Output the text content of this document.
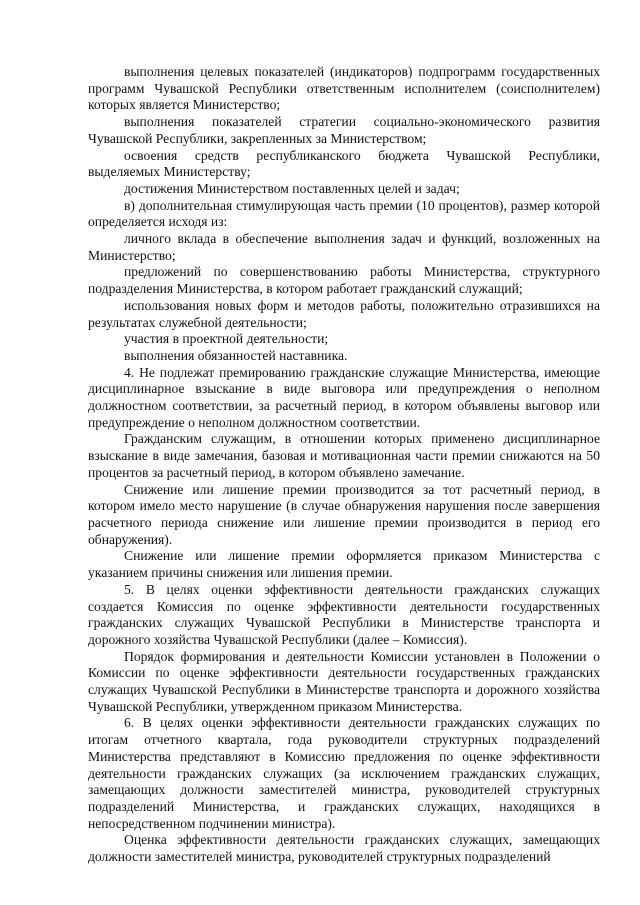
выполнения целевых показателей (индикаторов) подпрограмм государственных программ Чувашской Республики ответственным исполнителем (соисполнителем) которых является Министерство;

выполнения показателей стратегии социально-экономического развития Чувашской Республики, закрепленных за Министерством;

освоения средств республиканского бюджета Чувашской Республики, выделяемых Министерству;

достижения Министерством поставленных целей и задач;

в) дополнительная стимулирующая часть премии (10 процентов), размер которой определяется исходя из:

личного вклада в обеспечение выполнения задач и функций, возложенных на Министерство;

предложений по совершенствованию работы Министерства, структурного подразделения Министерства, в котором работает гражданский служащий;

использования новых форм и методов работы, положительно отразившихся на результатах служебной деятельности;

участия в проектной деятельности;

выполнения обязанностей наставника.

4. Не подлежат премированию гражданские служащие Министерства, имеющие дисциплинарное взыскание в виде выговора или предупреждения о неполном должностном соответствии, за расчетный период, в котором объявлены выговор или предупреждение о неполном должностном соответствии.

Гражданским служащим, в отношении которых применено дисциплинарное взыскание в виде замечания, базовая и мотивационная части премии снижаются на 50 процентов за расчетный период, в котором объявлено замечание.

Снижение или лишение премии производится за тот расчетный период, в котором имело место нарушение (в случае обнаружения нарушения после завершения расчетного периода снижение или лишение премии производится в период его обнаружения).

Снижение или лишение премии оформляется приказом Министерства с указанием причины снижения или лишения премии.

5. В целях оценки эффективности деятельности гражданских служащих создается Комиссия по оценке эффективности деятельности государственных гражданских служащих Чувашской Республики в Министерстве транспорта и дорожного хозяйства Чувашской Республики (далее – Комиссия).

Порядок формирования и деятельности Комиссии установлен в Положении о Комиссии по оценке эффективности деятельности государственных гражданских служащих Чувашской Республики в Министерстве транспорта и дорожного хозяйства Чувашской Республики, утвержденном приказом Министерства.

6. В целях оценки эффективности деятельности гражданских служащих по итогам отчетного квартала, года руководители структурных подразделений Министерства представляют в Комиссию предложения по оценке эффективности деятельности гражданских служащих (за исключением гражданских служащих, замещающих должности заместителей министра, руководителей структурных подразделений Министерства, и гражданских служащих, находящихся в непосредственном подчинении министра).

Оценка эффективности деятельности гражданских служащих, замещающих должности заместителей министра, руководителей структурных подразделений
